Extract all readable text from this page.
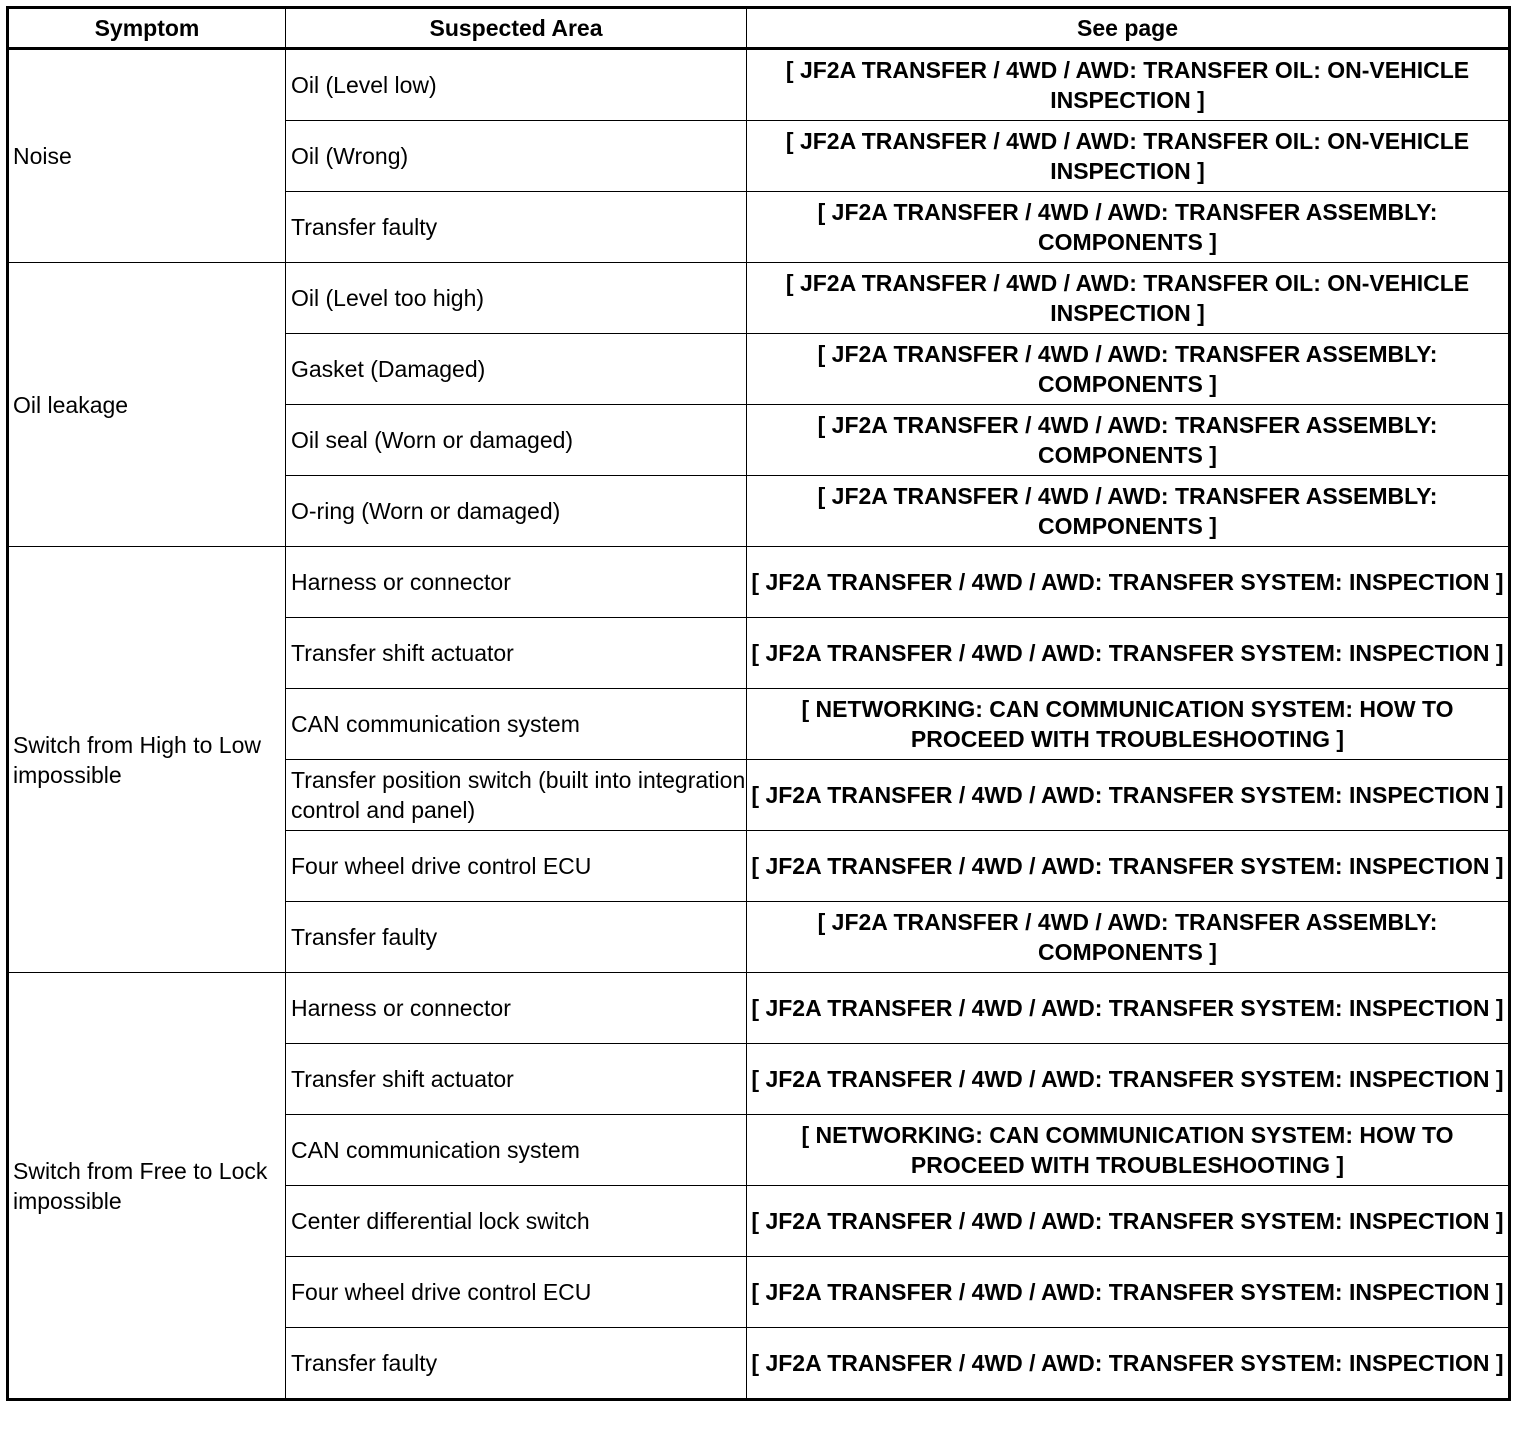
Symptom	Suspected Area	See page
Noise	Oil (Level low)	[ JF2A TRANSFER / 4WD / AWD: TRANSFER OIL: ON-VEHICLE INSPECTION ]
	Oil (Wrong)	[ JF2A TRANSFER / 4WD / AWD: TRANSFER OIL: ON-VEHICLE INSPECTION ]
	Transfer faulty	[ JF2A TRANSFER / 4WD / AWD: TRANSFER ASSEMBLY: COMPONENTS ]
Oil leakage	Oil (Level too high)	[ JF2A TRANSFER / 4WD / AWD: TRANSFER OIL: ON-VEHICLE INSPECTION ]
	Gasket (Damaged)	[ JF2A TRANSFER / 4WD / AWD: TRANSFER ASSEMBLY: COMPONENTS ]
	Oil seal (Worn or damaged)	[ JF2A TRANSFER / 4WD / AWD: TRANSFER ASSEMBLY: COMPONENTS ]
	O-ring (Worn or damaged)	[ JF2A TRANSFER / 4WD / AWD: TRANSFER ASSEMBLY: COMPONENTS ]
Switch from High to Low impossible	Harness or connector	[ JF2A TRANSFER / 4WD / AWD: TRANSFER SYSTEM: INSPECTION ]
	Transfer shift actuator	[ JF2A TRANSFER / 4WD / AWD: TRANSFER SYSTEM: INSPECTION ]
	CAN communication system	[ NETWORKING: CAN COMMUNICATION SYSTEM: HOW TO PROCEED WITH TROUBLESHOOTING ]
	Transfer position switch (built into integration control and panel)	[ JF2A TRANSFER / 4WD / AWD: TRANSFER SYSTEM: INSPECTION ]
	Four wheel drive control ECU	[ JF2A TRANSFER / 4WD / AWD: TRANSFER SYSTEM: INSPECTION ]
	Transfer faulty	[ JF2A TRANSFER / 4WD / AWD: TRANSFER ASSEMBLY: COMPONENTS ]
Switch from Free to Lock impossible	Harness or connector	[ JF2A TRANSFER / 4WD / AWD: TRANSFER SYSTEM: INSPECTION ]
	Transfer shift actuator	[ JF2A TRANSFER / 4WD / AWD: TRANSFER SYSTEM: INSPECTION ]
	CAN communication system	[ NETWORKING: CAN COMMUNICATION SYSTEM: HOW TO PROCEED WITH TROUBLESHOOTING ]
	Center differential lock switch	[ JF2A TRANSFER / 4WD / AWD: TRANSFER SYSTEM: INSPECTION ]
	Four wheel drive control ECU	[ JF2A TRANSFER / 4WD / AWD: TRANSFER SYSTEM: INSPECTION ]
	Transfer faulty	[ JF2A TRANSFER / 4WD / AWD: TRANSFER SYSTEM: INSPECTION ]
